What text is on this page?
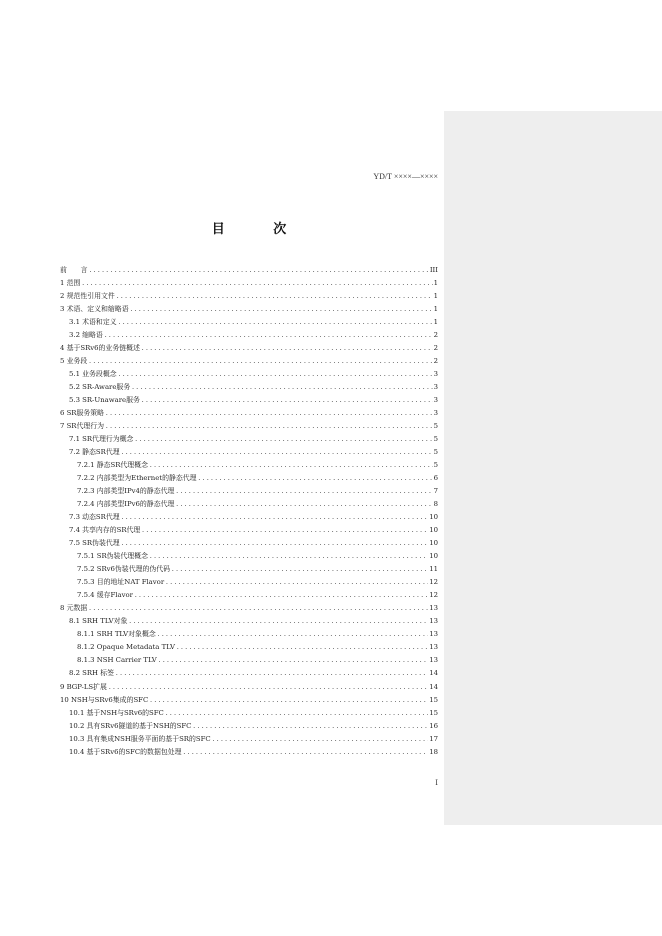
YD/T ××××—××××
目 次
前　　言 .....	III
1 范围 .....	1
2 规范性引用文件 .....	1
3 术语、定义和缩略语 .....	1
3.1 术语和定义 .....	1
3.2 缩略语 .....	2
4 基于SRv6的业务链概述 .....	2
5 业务段 .....	2
5.1 业务段概念 .....	3
5.2 SR-Aware服务 .....	3
5.3 SR-Unaware服务 .....	3
6 SR服务策略 .....	3
7 SR代理行为 .....	5
7.1 SR代理行为概念 .....	5
7.2 静态SR代理 .....	5
7.2.1 静态SR代理概念 .....	5
7.2.2 内部类型为Ethernet的静态代理 .....	6
7.2.3 内部类型IPv4的静态代理 .....	7
7.2.4 内部类型IPv6的静态代理 .....	8
7.3 动态SR代理 .....	10
7.4 共享内存的SR代理 .....	10
7.5 SR伪装代理 .....	10
7.5.1 SR伪装代理概念 .....	10
7.5.2 SRv6伪装代理的伪代码 .....	11
7.5.3 目的地址NAT Flavor .....	12
7.5.4 缓存Flavor .....	12
8 元数据 .....	13
8.1 SRH TLV对象 .....	13
8.1.1 SRH TLV对象概念 .....	13
8.1.2 Opaque Metadata TLV .....	13
8.1.3 NSH Carrier TLV .....	13
8.2 SRH 标签 .....	14
9 BGP-LS扩展 .....	14
10 NSH与SRv6集成的SFC .....	15
10.1 基于NSH与SRv6的SFC .....	15
10.2 具有SRv6隧道的基于NSH的SFC .....	16
10.3 具有集成NSH服务平面的基于SR的SFC .....	17
10.4 基于SRv6的SFC的数据包处理 .....	18
I
